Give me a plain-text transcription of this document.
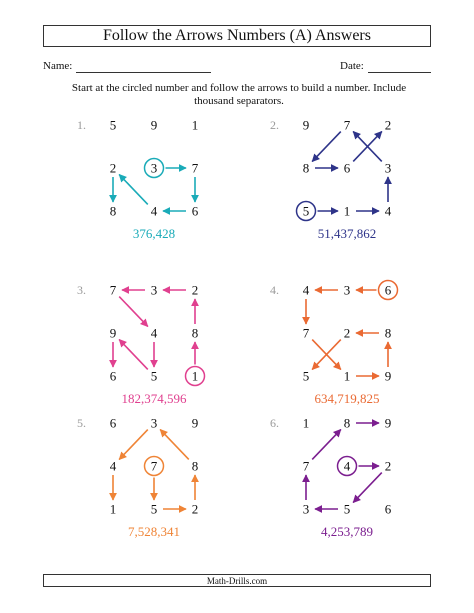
Follow the Arrows Numbers (A) Answers
Name:	Date:
Start at the circled number and follow the arrows to build a number. Include thousand separators.
1. 5	9	1
2	3	7
8	4	6
376,428
2. 9	7	2
8	6	3
5	1	4
51,437,862
3. 7	3	2
9	4	8
6	5	1
182,374,596
4. 4	3	6
7	2	8
5	1	9
634,719,825
5. 6	3	9
4	7	8
1	5	2
7,528,341
6. 1	8	9
7	4	2
3	5	6
4,253,789
Math-Drills.com
